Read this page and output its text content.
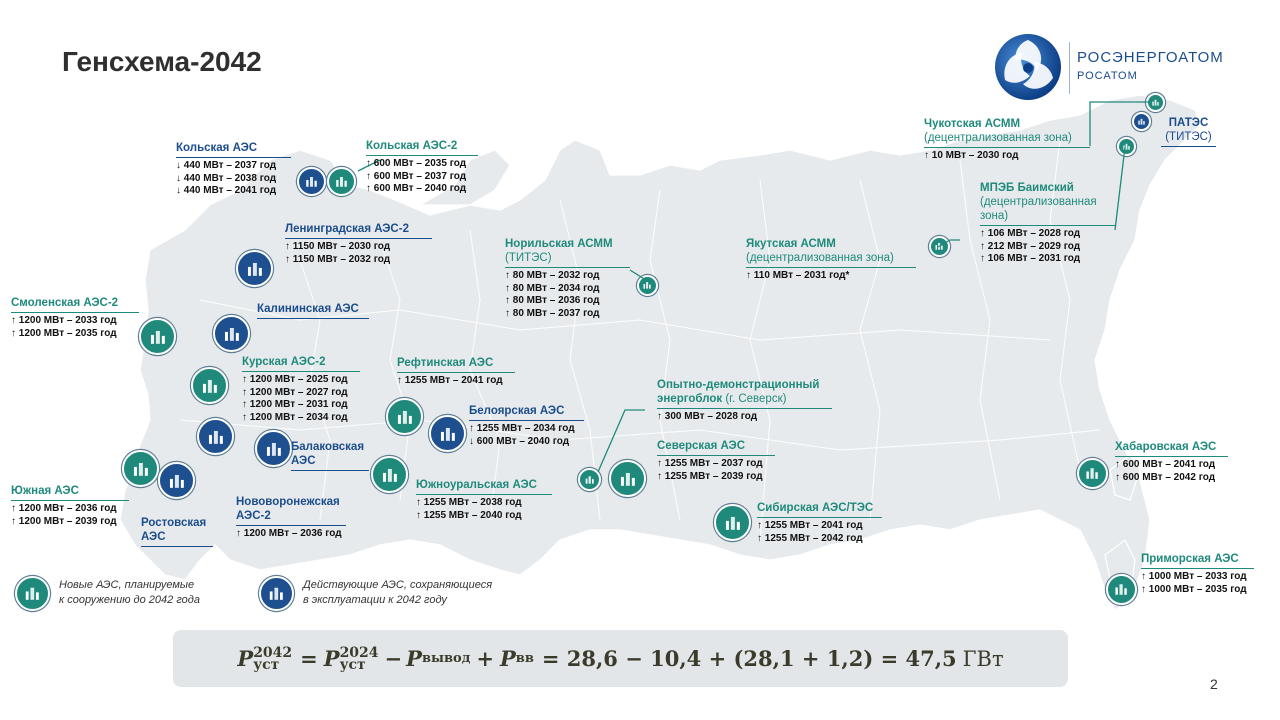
Генсхема-2042	РОСЭНЕРГОАТОМ
РОСАТОМ
Кольская АЭС
↓ 440 МВт – 2037 год
↓ 440 МВт – 2038 год
↓ 440 МВт – 2041 год
Кольская АЭС-2
↑ 600 МВт – 2035 год
↑ 600 МВт – 2037 год
↑ 600 МВт – 2040 год
Ленинградская АЭС-2
↑ 1150 МВт – 2030 год
↑ 1150 МВт – 2032 год
Смоленская АЭС-2
↑ 1200 МВт – 2033 год
↑ 1200 МВт – 2035 год
Калининская АЭС
Курская АЭС-2
↑ 1200 МВт – 2025 год
↑ 1200 МВт – 2027 год
↑ 1200 МВт – 2031 год
↑ 1200 МВт – 2034 год
Балаковская АЭС
Южная АЭС
↑ 1200 МВт – 2036 год
↑ 1200 МВт – 2039 год	Ростовская АЭС
Нововоронежская АЭС-2
↑ 1200 МВт – 2036 год
Рефтинская АЭС
↑ 1255 МВт – 2041 год
Белоярская АЭС
↑ 1255 МВт – 2034 год
↓ 600 МВт – 2040 год
Южноуральская АЭС
↑ 1255 МВт – 2038 год
↑ 1255 МВт – 2040 год
Норильская АСММ
(ТИТЭС)
↑ 80 МВт – 2032 год
↑ 80 МВт – 2034 год
↑ 80 МВт – 2036 год
↑ 80 МВт – 2037 год
Опытно-демонстрационный энергоблок (г. Северск)
↑ 300 МВт – 2028 год
Северская АЭС
↑ 1255 МВт – 2037 год
↑ 1255 МВт – 2039 год
Сибирская АЭС/ТЭС
↑ 1255 МВт – 2041 год
↑ 1255 МВт – 2042 год
Якутская АСММ
(децентрализованная зона)
↑ 110 МВт – 2031 год*
Чукотская АСММ
(децентрализованная зона)
↑ 10 МВт – 2030 год
ПАТЭС
(ТИТЭС)
МПЭБ Баимский
(децентрализованная зона)
↑ 106 МВт – 2028 год
↑ 212 МВт – 2029 год
↑ 106 МВт – 2031 год
Хабаровская АЭС
↑ 600 МВт – 2041 год
↑ 600 МВт – 2042 год
Приморская АЭС
↑ 1000 МВт – 2033 год
↑ 1000 МВт – 2035 год
Новые АЭС, планируемые
к сооружению до 2042 года
Действующие АЭС, сохраняющиеся
в эксплуатации к 2042 году
P 2042
уст = P 2024
уст − P вывод + P вв = 28,6 − 10,4 + (28,1 + 1,2) = 47,5 ГВт
2
